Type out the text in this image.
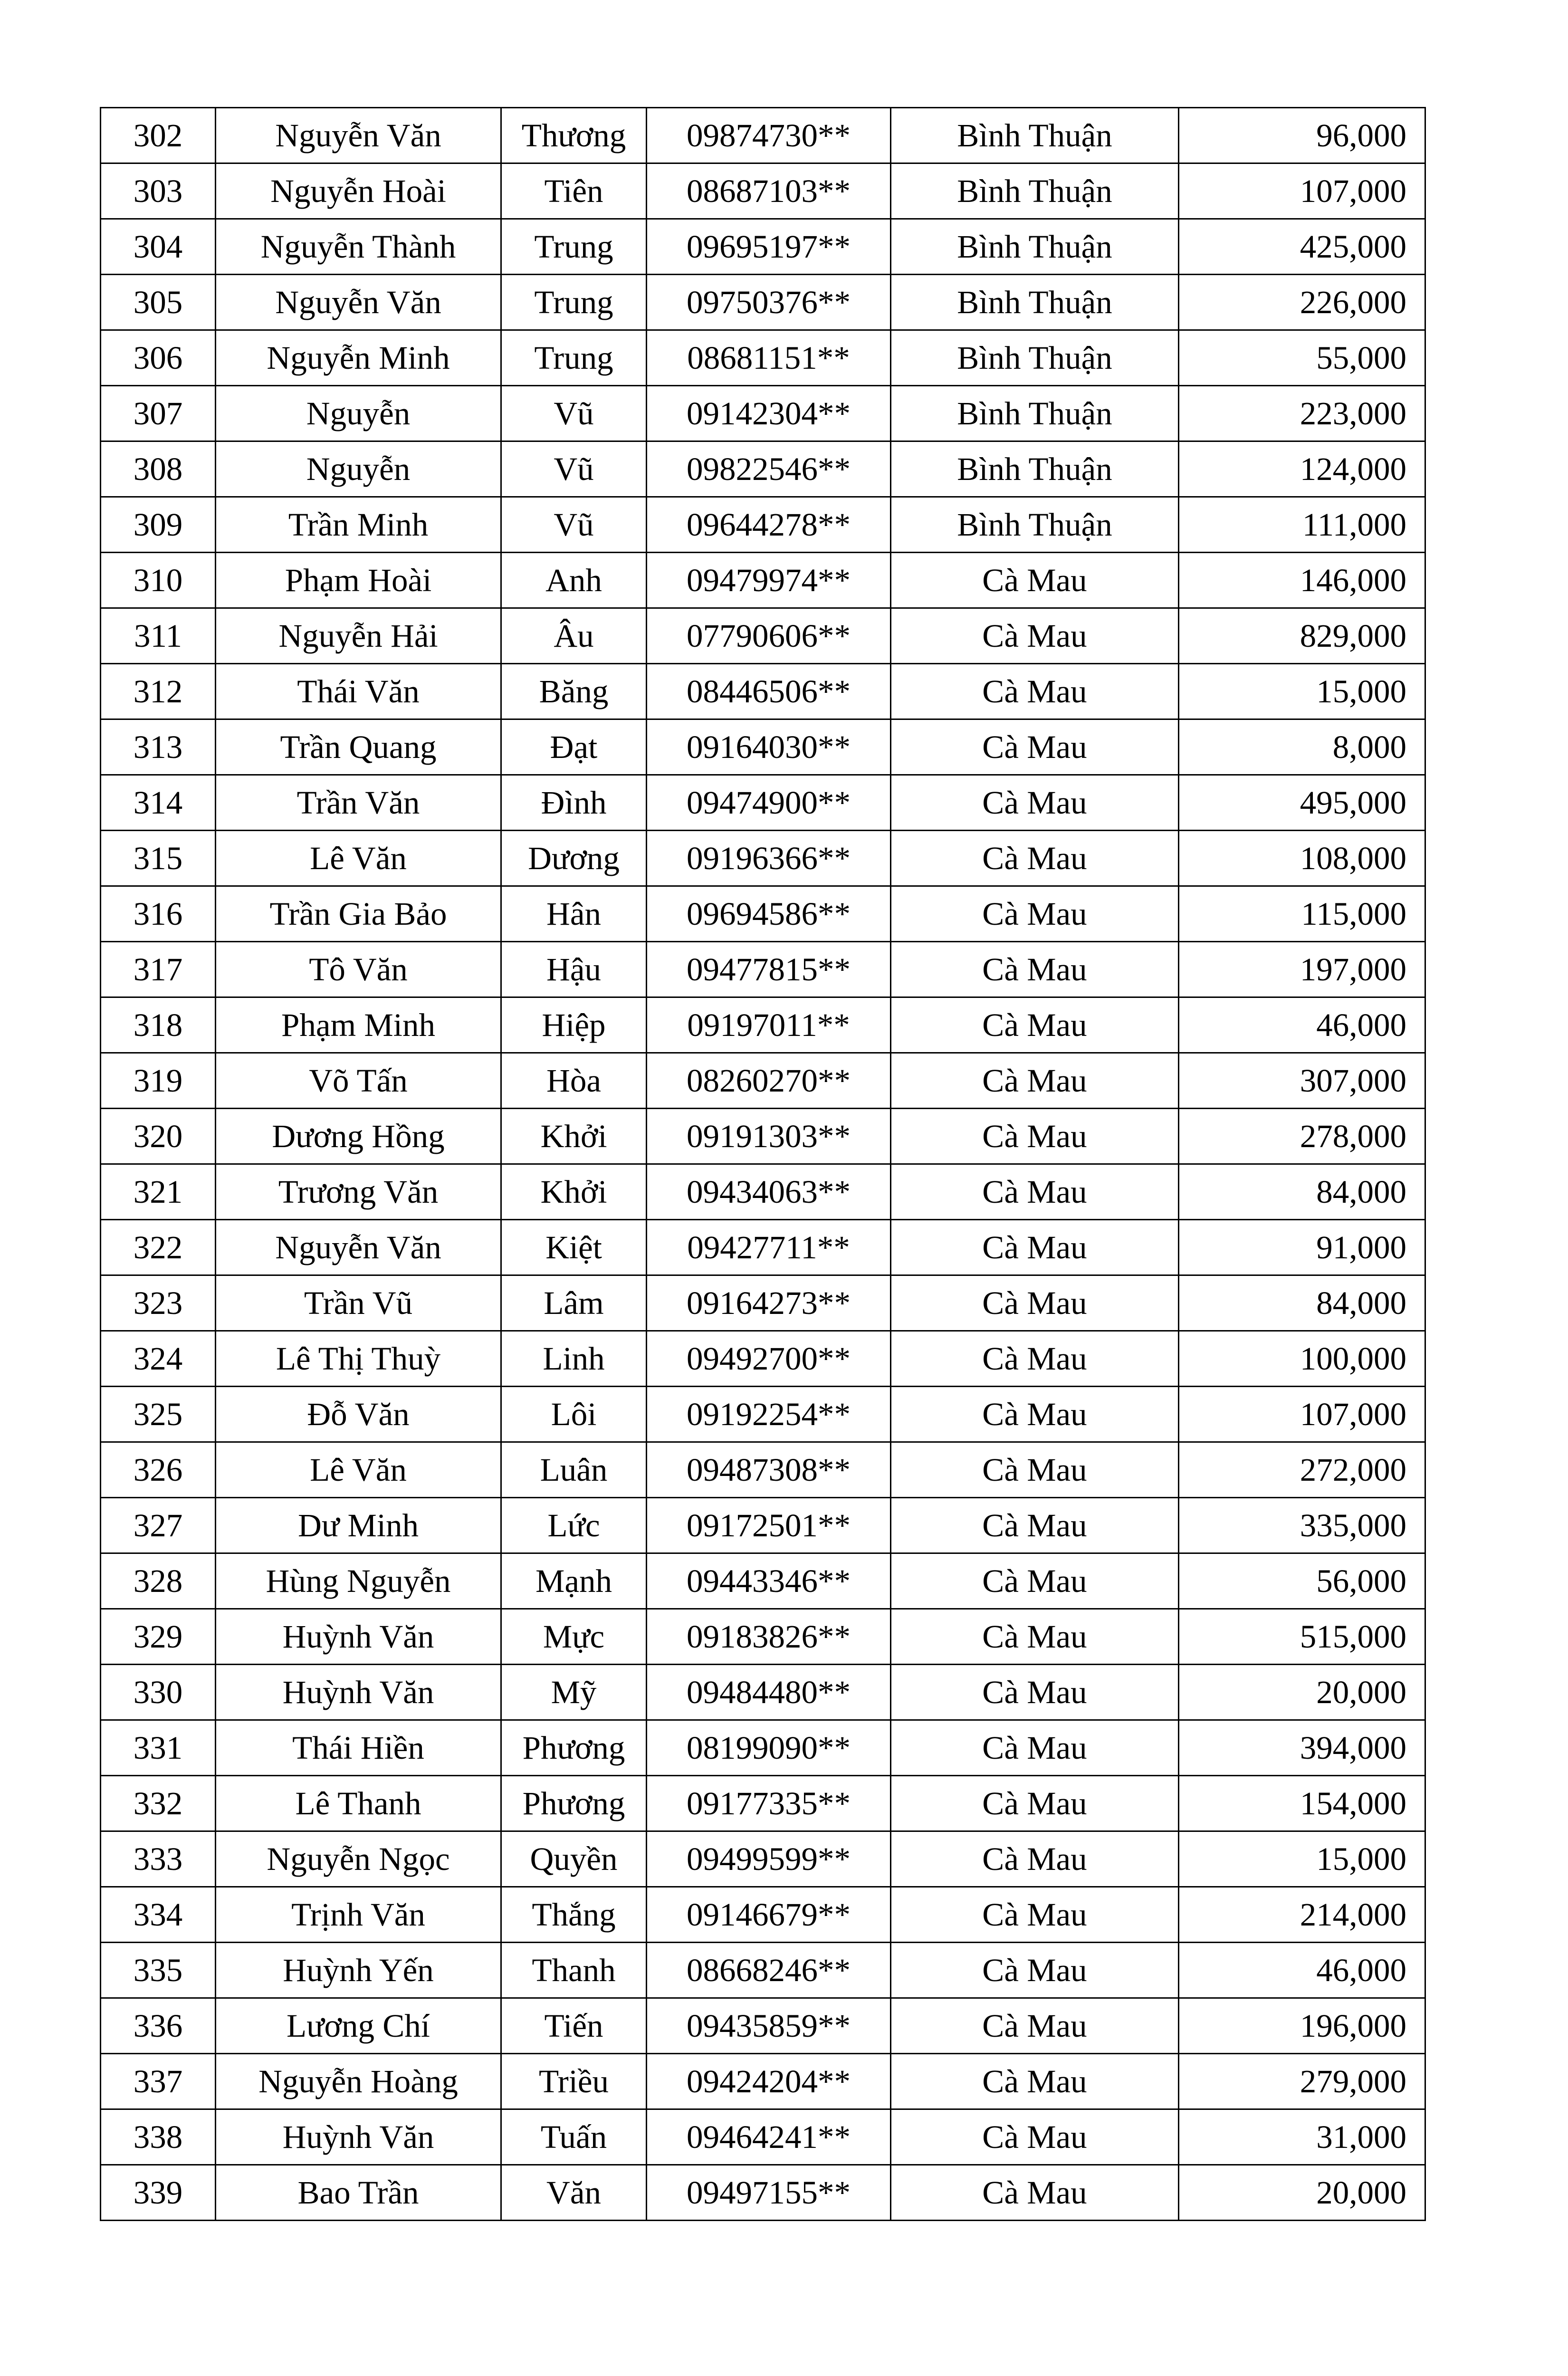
302	Nguyễn Văn	Thương	09874730**	Bình Thuận	96,000
303	Nguyễn Hoài	Tiên	08687103**	Bình Thuận	107,000
304	Nguyễn Thành	Trung	09695197**	Bình Thuận	425,000
305	Nguyễn Văn	Trung	09750376**	Bình Thuận	226,000
306	Nguyễn Minh	Trung	08681151**	Bình Thuận	55,000
307	Nguyễn	Vũ	09142304**	Bình Thuận	223,000
308	Nguyễn	Vũ	09822546**	Bình Thuận	124,000
309	Trần Minh	Vũ	09644278**	Bình Thuận	111,000
310	Phạm Hoài	Anh	09479974**	Cà Mau	146,000
311	Nguyễn Hải	Âu	07790606**	Cà Mau	829,000
312	Thái Văn	Băng	08446506**	Cà Mau	15,000
313	Trần Quang	Đạt	09164030**	Cà Mau	8,000
314	Trần Văn	Đình	09474900**	Cà Mau	495,000
315	Lê Văn	Dương	09196366**	Cà Mau	108,000
316	Trần Gia Bảo	Hân	09694586**	Cà Mau	115,000
317	Tô Văn	Hậu	09477815**	Cà Mau	197,000
318	Phạm Minh	Hiệp	09197011**	Cà Mau	46,000
319	Võ Tấn	Hòa	08260270**	Cà Mau	307,000
320	Dương Hồng	Khởi	09191303**	Cà Mau	278,000
321	Trương Văn	Khởi	09434063**	Cà Mau	84,000
322	Nguyễn Văn	Kiệt	09427711**	Cà Mau	91,000
323	Trần Vũ	Lâm	09164273**	Cà Mau	84,000
324	Lê Thị Thuỳ	Linh	09492700**	Cà Mau	100,000
325	Đỗ Văn	Lôi	09192254**	Cà Mau	107,000
326	Lê Văn	Luân	09487308**	Cà Mau	272,000
327	Dư Minh	Lức	09172501**	Cà Mau	335,000
328	Hùng Nguyễn	Mạnh	09443346**	Cà Mau	56,000
329	Huỳnh Văn	Mực	09183826**	Cà Mau	515,000
330	Huỳnh Văn	Mỹ	09484480**	Cà Mau	20,000
331	Thái Hiền	Phương	08199090**	Cà Mau	394,000
332	Lê Thanh	Phương	09177335**	Cà Mau	154,000
333	Nguyễn Ngọc	Quyền	09499599**	Cà Mau	15,000
334	Trịnh Văn	Thắng	09146679**	Cà Mau	214,000
335	Huỳnh Yến	Thanh	08668246**	Cà Mau	46,000
336	Lương Chí	Tiến	09435859**	Cà Mau	196,000
337	Nguyễn Hoàng	Triều	09424204**	Cà Mau	279,000
338	Huỳnh Văn	Tuấn	09464241**	Cà Mau	31,000
339	Bao Trần	Văn	09497155**	Cà Mau	20,000
